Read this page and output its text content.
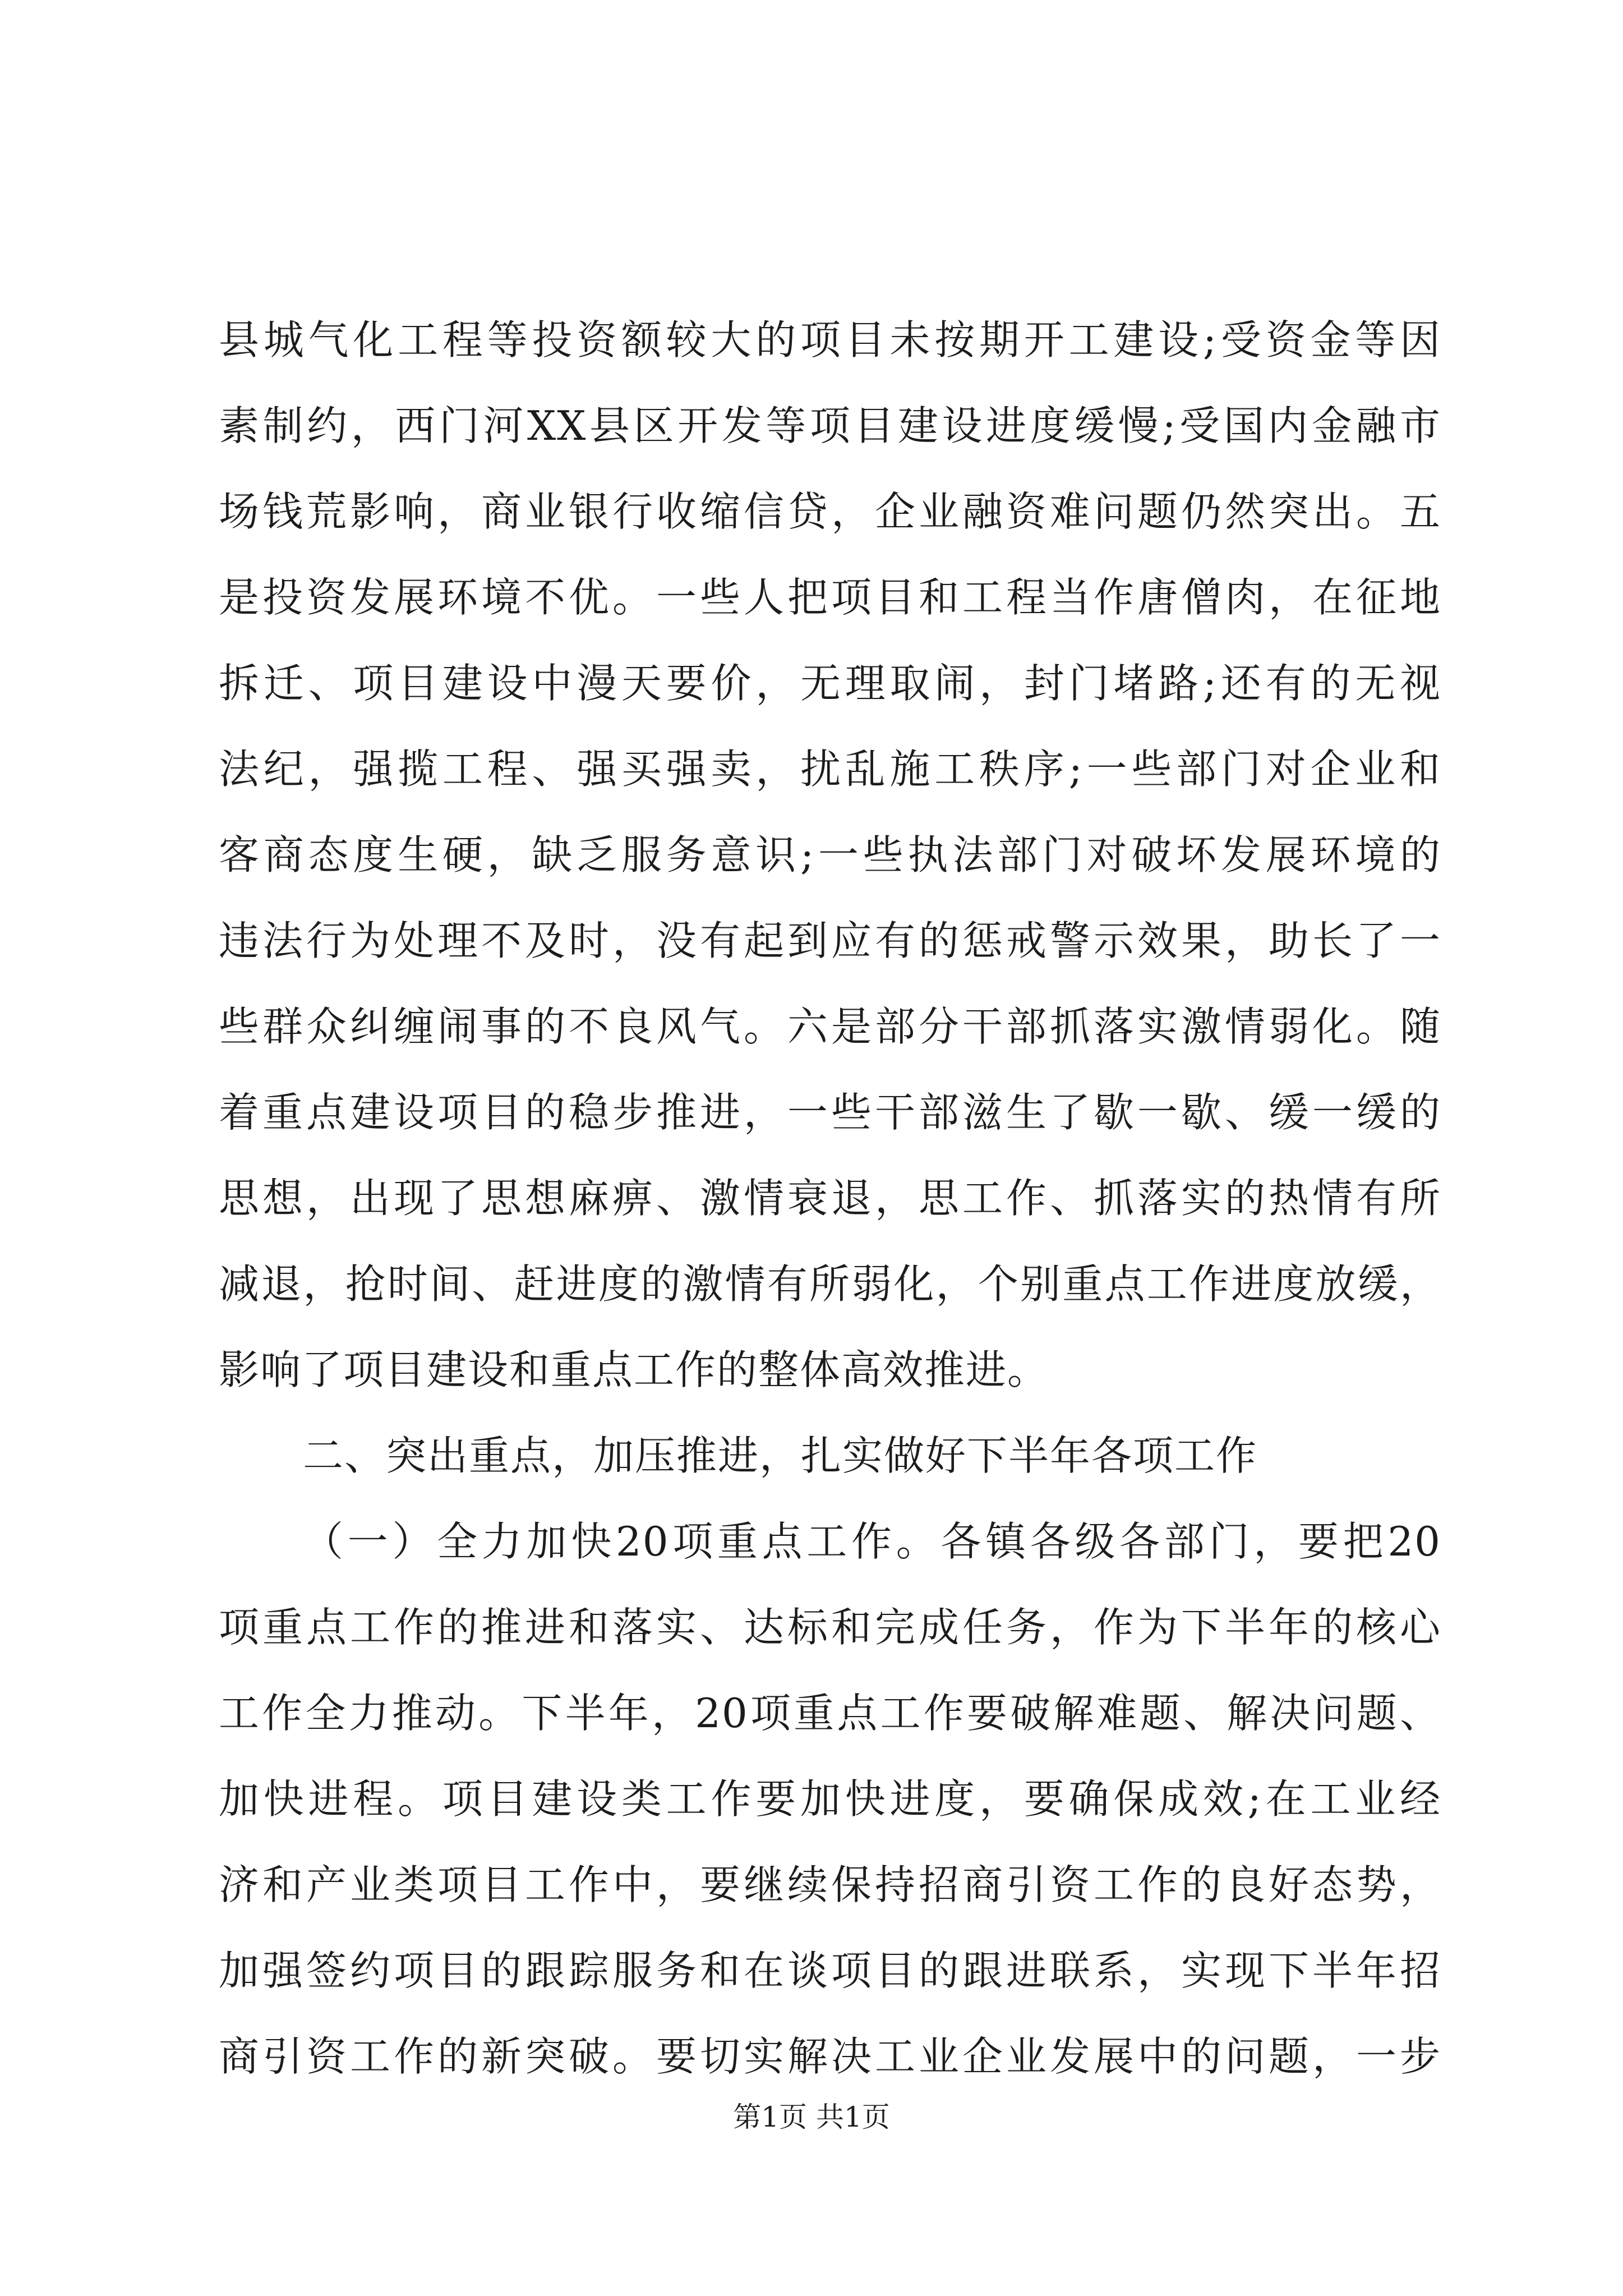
县城气化工程等投资额较大的项目未按期开工建设;受资金等因
素制约，西门河XX县区开发等项目建设进度缓慢;受国内金融市
场钱荒影响，商业银行收缩信贷，企业融资难问题仍然突出。五
是投资发展环境不优。一些人把项目和工程当作唐僧肉，在征地
拆迁、项目建设中漫天要价，无理取闹，封门堵路;还有的无视
法纪，强揽工程、强买强卖，扰乱施工秩序;一些部门对企业和
客商态度生硬，缺乏服务意识;一些执法部门对破坏发展环境的
违法行为处理不及时，没有起到应有的惩戒警示效果，助长了一
些群众纠缠闹事的不良风气。六是部分干部抓落实激情弱化。随
着重点建设项目的稳步推进，一些干部滋生了歇一歇、缓一缓的
思想，出现了思想麻痹、激情衰退，思工作、抓落实的热情有所
减退，抢时间、赶进度的激情有所弱化，个别重点工作进度放缓，
影响了项目建设和重点工作的整体高效推进。
二、突出重点，加压推进，扎实做好下半年各项工作
（一）全力加快20项重点工作。各镇各级各部门，要把20
项重点工作的推进和落实、达标和完成任务，作为下半年的核心
工作全力推动。下半年，20项重点工作要破解难题、解决问题、
加快进程。项目建设类工作要加快进度，要确保成效;在工业经
济和产业类项目工作中，要继续保持招商引资工作的良好态势，
加强签约项目的跟踪服务和在谈项目的跟进联系，实现下半年招
商引资工作的新突破。要切实解决工业企业发展中的问题，一步
第1页 共1页
